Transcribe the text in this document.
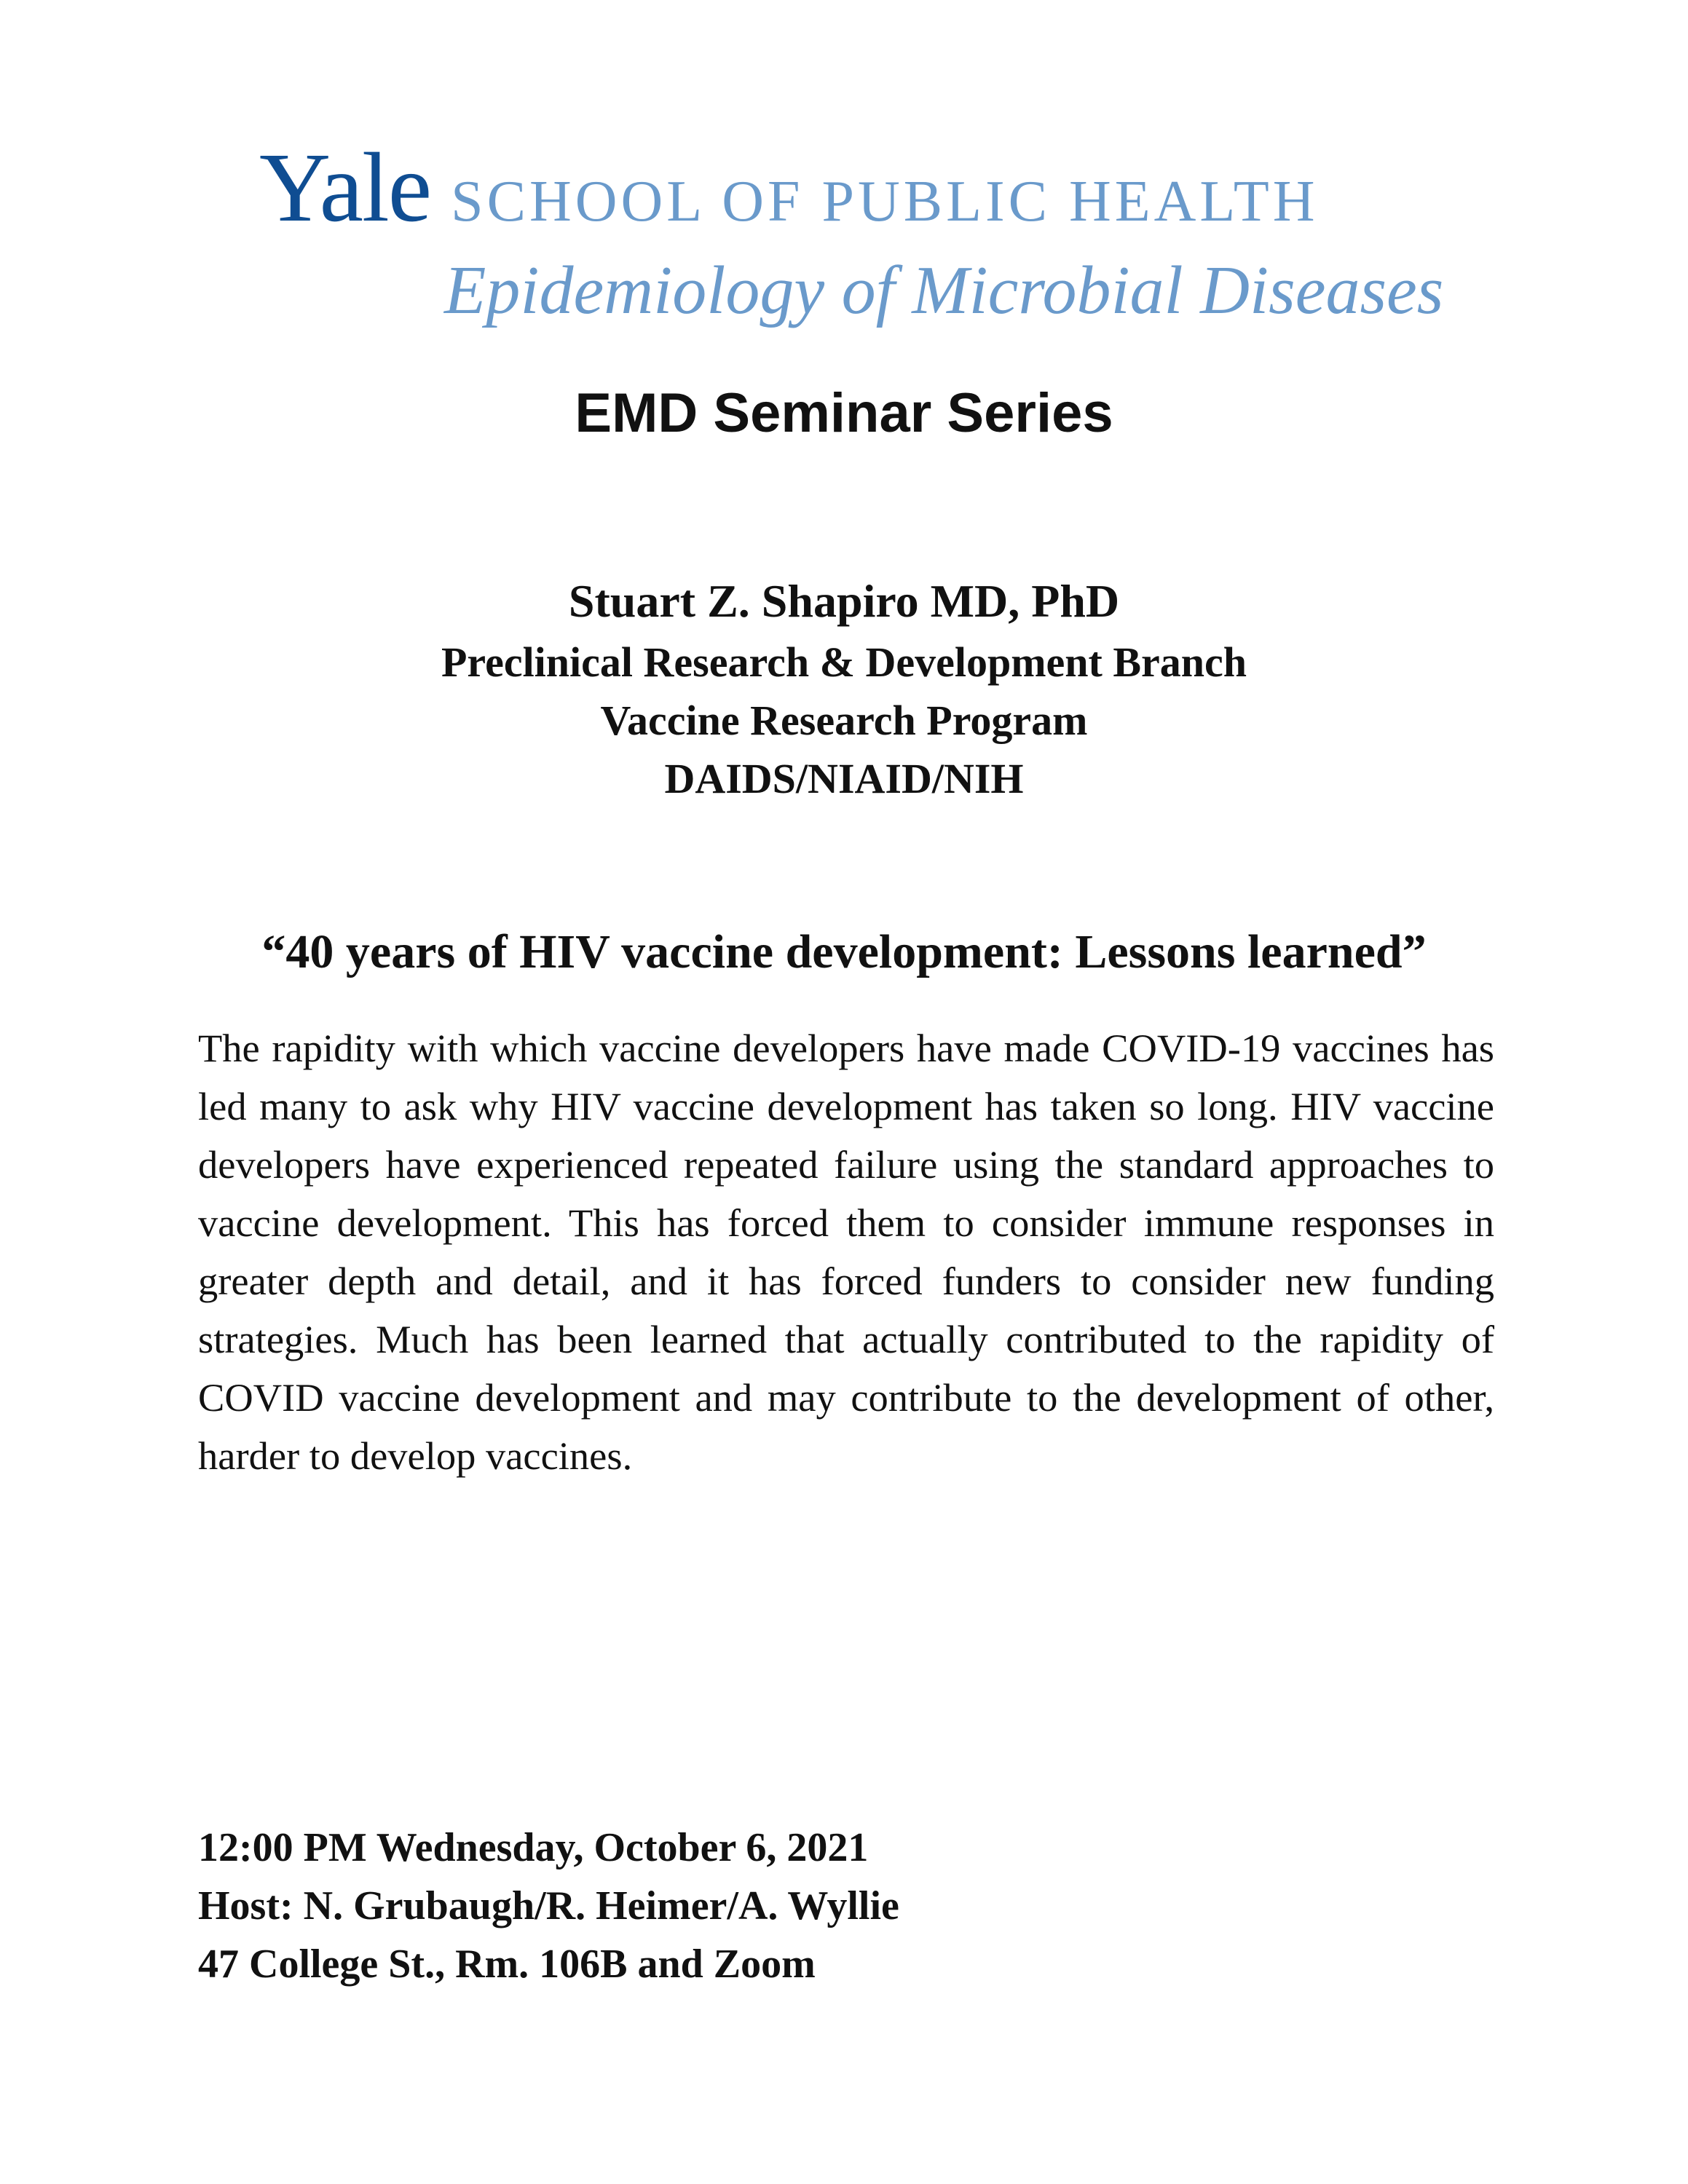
Yale SCHOOL OF PUBLIC HEALTH
Epidemiology of Microbial Diseases
EMD Seminar Series
Stuart Z. Shapiro MD, PhD
Preclinical Research & Development Branch
Vaccine Research Program
DAIDS/NIAID/NIH
“40 years of HIV vaccine development: Lessons learned”
The rapidity with which vaccine developers have made COVID-19 vaccines has led many to ask why HIV vaccine development has taken so long. HIV vaccine developers have experienced repeated failure using the standard approaches to vaccine development. This has forced them to consider immune responses in greater depth and detail, and it has forced funders to consider new funding strategies. Much has been learned that actually contributed to the rapidity of COVID vaccine development and may contribute to the development of other, harder to develop vaccines.
12:00 PM Wednesday, October 6, 2021
Host: N. Grubaugh/R. Heimer/A. Wyllie
47 College St., Rm. 106B and Zoom
